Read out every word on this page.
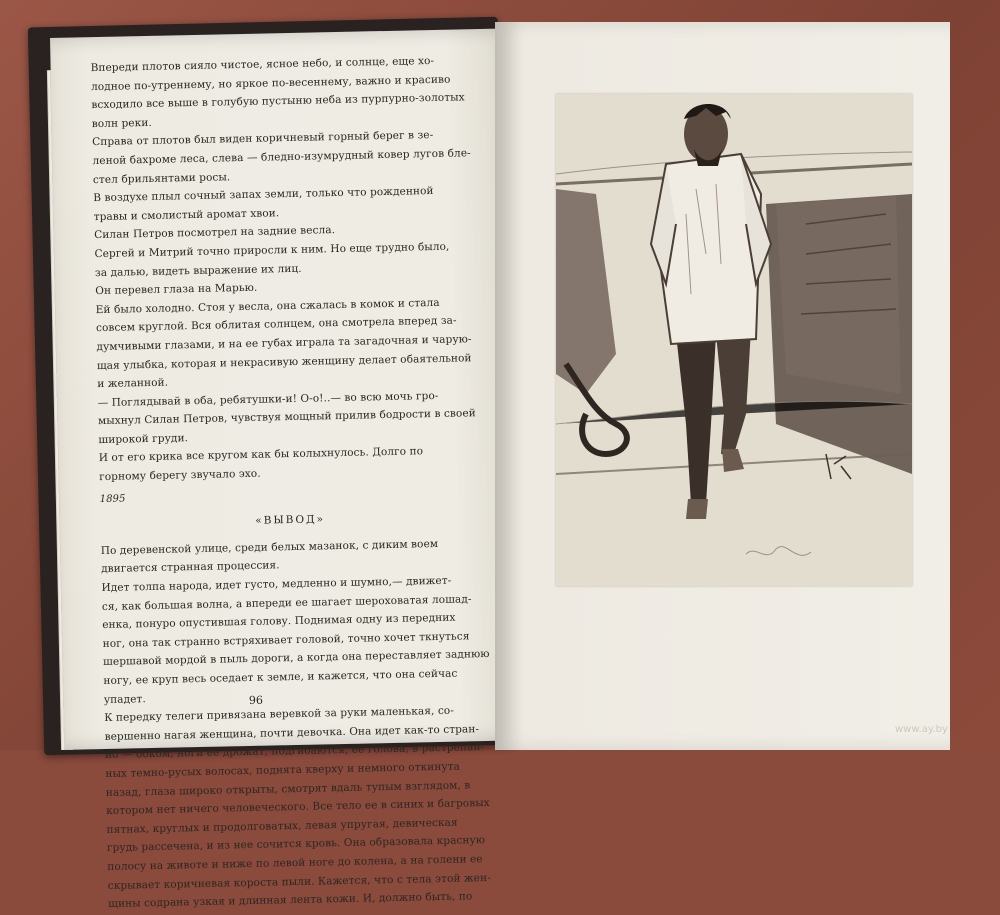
Впереди плотов сияло чистое, ясное небо, и солнце, еще хо-
лодное по-утреннему, но яркое по-весеннему, важно и красиво
всходило все выше в голубую пустыню неба из пурпурно-золотых
волн реки.
Справа от плотов был виден коричневый горный берег в зе-
леной бахроме леса, слева — бледно-изумрудный ковер лугов бле-
стел брильянтами росы.
В воздухе плыл сочный запах земли, только что рожденной
травы и смолистый аромат хвои.
Силан Петров посмотрел на задние весла.
Сергей и Митрий точно приросли к ним. Но еще трудно было,
за далью, видеть выражение их лиц.
Он перевел глаза на Марью.
Ей было холодно. Стоя у весла, она сжалась в комок и стала
совсем круглой. Вся облитая солнцем, она смотрела вперед за-
думчивыми глазами, и на ее губах играла та загадочная и чарую-
щая улыбка, которая и некрасивую женщину делает обаятельной
и желанной.
— Поглядывай в оба, ребятушки-и! О-о!..— во всю мочь гро-
мыхнул Силан Петров, чувствуя мощный прилив бодрости в своей
широкой груди.
И от его крика все кругом как бы колыхнулось. Долго по
горному берегу звучало эхо.
1895
«ВЫВОД»
По деревенской улице, среди белых мазанок, с диким воем
двигается странная процессия.
Идет толпа народа, идет густо, медленно и шумно,— движет-
ся, как большая волна, а впереди ее шагает шероховатая лошад-
енка, понуро опустившая голову. Поднимая одну из передних
ног, она так странно встряхивает головой, точно хочет ткнуться
шершавой мордой в пыль дороги, а когда она переставляет заднюю
ногу, ее круп весь оседает к земле, и кажется, что она сейчас
упадет.
К передку телеги привязана веревкой за руки маленькая, со-
вершенно нагая женщина, почти девочка. Она идет как-то стран-
но — боком, ноги ее дрожат, подгибаются, ее голова, в растрепан-
ных темно-русых волосах, поднята кверху и немного откинута
назад, глаза широко открыты, смотрят вдаль тупым взглядом, в
котором нет ничего человеческого. Все тело ее в синих и багровых
пятнах, круглых и продолговатых, левая упругая, девическая
грудь рассечена, и из нее сочится кровь. Она образовала красную
полосу на животе и ниже по левой ноге до колена, а на голени ее
скрывает коричневая короста пыли. Кажется, что с тела этой жен-
щины содрана узкая и длинная лента кожи. И, должно быть, по
96
www.ay.by
